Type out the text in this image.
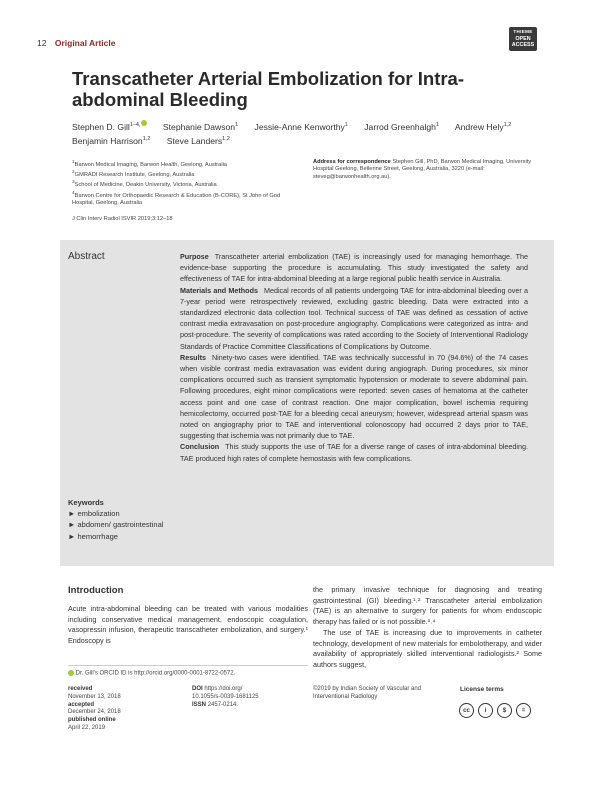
12 Original Article
THIEME
OPEN
ACCESS
Transcatheter Arterial Embolization for Intra-abdominal Bleeding
Stephen D. Gill$^{1-4,}$	Stephanie Dawson$^1$ Jessie-Anne Kenworthy$^1$ Jarrod Greenhalgh$^1$ Andrew Hely$^{1,2}$
Benjamin Harrison$^{1,2}$ Steve Landers$^{1,2}$
$^1$Barwon Medical Imaging, Barwon Health, Geelong, Australia
$^2$GMRADI Research Institute, Geelong, Australia
$^3$School of Medicine, Deakin University, Victoria, Australia
$^4$Barwon Centre for Orthopaedic Research & Education (B-CORE), St John of God Hospital, Geelong, Australia
Address for correspondence Stephen Gill, PhD, Barwon Medical Imaging, University Hospital Geelong, Bellerine Street, Geelong, Australia, 3220 (e-mail: steveg@barwonhealth.org.au).
J Clin Interv Radiol ISVIR 2019;3:12–18
Abstract	Purpose Transcatheter arterial embolization (TAE) is increasingly used for managing hemorrhage. The evidence-base supporting the procedure is accumulating. This study investigated the safety and effectiveness of TAE for intra-abdominal bleeding at a large regional public health service in Australia.

Materials and Methods Medical records of all patients undergoing TAE for intra-abdominal bleeding over a 7-year period were retrospectively reviewed, excluding gastric bleeding. Data were extracted into a standardized electronic data collection tool. Technical success of TAE was defined as cessation of active contrast media extravasation on post-procedure angiography. Complications were categorized as intra- and post-procedure. The severity of complications was rated according to the Society of Interventional Radiology Standards of Practice Committee Classifications of Complications by Outcome.

Results Ninety-two cases were identified. TAE was technically successful in 70 (94.6%) of the 74 cases when visible contrast media extravasation was evident during angiograph. During procedures, six minor complications occurred such as transient symptomatic hypotension or moderate to severe abdominal pain. Following procedures, eight minor complications were reported: seven cases of hematoma at the catheter access point and one case of contrast reaction. One major complication, bowel ischemia requiring hemicolectomy, occurred post-TAE for a bleeding cecal aneurysm; however, widespread arterial spasm was noted on angiography prior to TAE and interventional colonoscopy had occurred 2 days prior to TAE, suggesting that ischemia was not primarily due to TAE.

Conclusion This study supports the use of TAE for a diverse range of cases of intra-abdominal bleeding. TAE produced high rates of complete hemostasis with few complications.

Keywords
► embolization
► abdomen/ gastrointestinal
► hemorrhage
Introduction

Acute intra-abdominal bleeding can be treated with various modalities including conservative medical management, endoscopic coagulation, vasopressin infusion, therapeutic transcatheter embolization, and surgery.¹ Endoscopy is

the primary invasive technique for diagnosing and treating gastrointestinal (GI) bleeding.¹˒² Transcatheter arterial embolization (TAE) is an alternative to surgery for patients for whom endoscopic therapy has failed or is not possible.³˒⁴

The use of TAE is increasing due to improvements in catheter technology, development of new materials for embolotherapy, and wider availability of appropriately skilled interventional radiologists.² Some authors suggest,

Dr. Gill's ORCID ID is http://orcid.org/0000-0001-8722-0572.
received
November 13, 2018
accepted
December 24, 2018
published online
April 22, 2019
DOI https://doi.org/
10.1055/s-0039-1681125
ISSN 2457-0214.
©2019 by Indian Society of Vascular and Interventional Radiology
License terms
cc	i	$	=
